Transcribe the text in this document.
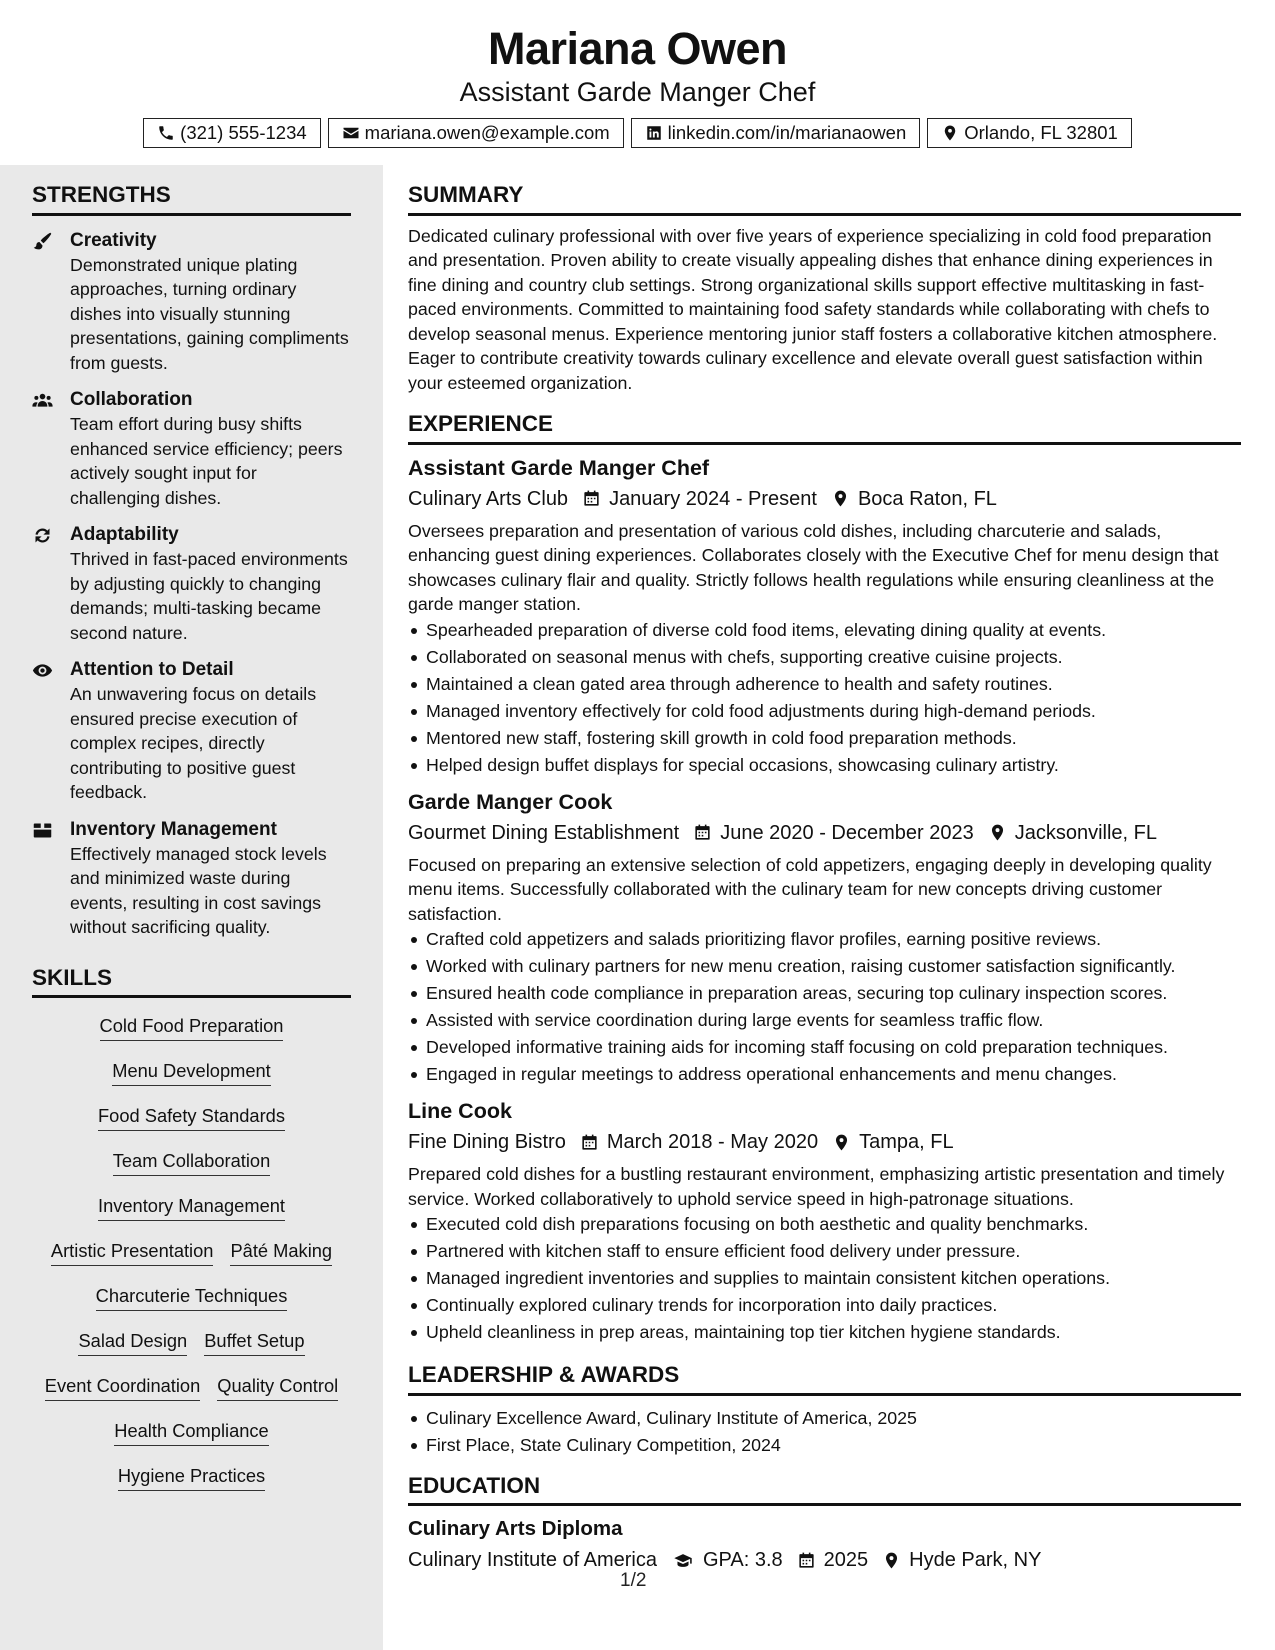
Mariana Owen
Assistant Garde Manger Chef
(321) 555-1234	mariana.owen@example.com	linkedin.com/in/marianaowen	Orlando, FL 32801
STRENGTHS
Creativity
Demonstrated unique plating approaches, turning ordinary dishes into visually stunning presentations, gaining compliments from guests.
Collaboration
Team effort during busy shifts enhanced service efficiency; peers actively sought input for challenging dishes.
Adaptability
Thrived in fast-paced environments by adjusting quickly to changing demands; multi-tasking became second nature.
Attention to Detail
An unwavering focus on details ensured precise execution of complex recipes, directly contributing to positive guest feedback.
Inventory Management
Effectively managed stock levels and minimized waste during events, resulting in cost savings without sacrificing quality.
SKILLS
Cold Food Preparation
Menu Development
Food Safety Standards
Team Collaboration
Inventory Management
Artistic Presentation Pâté Making
Charcuterie Techniques
Salad Design Buffet Setup
Event Coordination Quality Control
Health Compliance
Hygiene Practices
SUMMARY
Dedicated culinary professional with over five years of experience specializing in cold food preparation and presentation. Proven ability to create visually appealing dishes that enhance dining experiences in fine dining and country club settings. Strong organizational skills support effective multitasking in fast-paced environments. Committed to maintaining food safety standards while collaborating with chefs to develop seasonal menus. Experience mentoring junior staff fosters a collaborative kitchen atmosphere. Eager to contribute creativity towards culinary excellence and elevate overall guest satisfaction within your esteemed organization.
EXPERIENCE
Assistant Garde Manger Chef
Culinary Arts Club January 2024 - Present Boca Raton, FL
Oversees preparation and presentation of various cold dishes, including charcuterie and salads, enhancing guest dining experiences. Collaborates closely with the Executive Chef for menu design that showcases culinary flair and quality. Strictly follows health regulations while ensuring cleanliness at the garde manger station.
Spearheaded preparation of diverse cold food items, elevating dining quality at events.
Collaborated on seasonal menus with chefs, supporting creative cuisine projects.
Maintained a clean gated area through adherence to health and safety routines.
Managed inventory effectively for cold food adjustments during high-demand periods.
Mentored new staff, fostering skill growth in cold food preparation methods.
Helped design buffet displays for special occasions, showcasing culinary artistry.
Garde Manger Cook
Gourmet Dining Establishment June 2020 - December 2023 Jacksonville, FL
Focused on preparing an extensive selection of cold appetizers, engaging deeply in developing quality menu items. Successfully collaborated with the culinary team for new concepts driving customer satisfaction.
Crafted cold appetizers and salads prioritizing flavor profiles, earning positive reviews.
Worked with culinary partners for new menu creation, raising customer satisfaction significantly.
Ensured health code compliance in preparation areas, securing top culinary inspection scores.
Assisted with service coordination during large events for seamless traffic flow.
Developed informative training aids for incoming staff focusing on cold preparation techniques.
Engaged in regular meetings to address operational enhancements and menu changes.
Line Cook
Fine Dining Bistro March 2018 - May 2020 Tampa, FL
Prepared cold dishes for a bustling restaurant environment, emphasizing artistic presentation and timely service. Worked collaboratively to uphold service speed in high-patronage situations.
Executed cold dish preparations focusing on both aesthetic and quality benchmarks.
Partnered with kitchen staff to ensure efficient food delivery under pressure.
Managed ingredient inventories and supplies to maintain consistent kitchen operations.
Continually explored culinary trends for incorporation into daily practices.
Upheld cleanliness in prep areas, maintaining top tier kitchen hygiene standards.
LEADERSHIP & AWARDS
Culinary Excellence Award, Culinary Institute of America, 2025
First Place, State Culinary Competition, 2024
EDUCATION
Culinary Arts Diploma
Culinary Institute of America GPA: 3.8 2025 Hyde Park, NY
1/2
